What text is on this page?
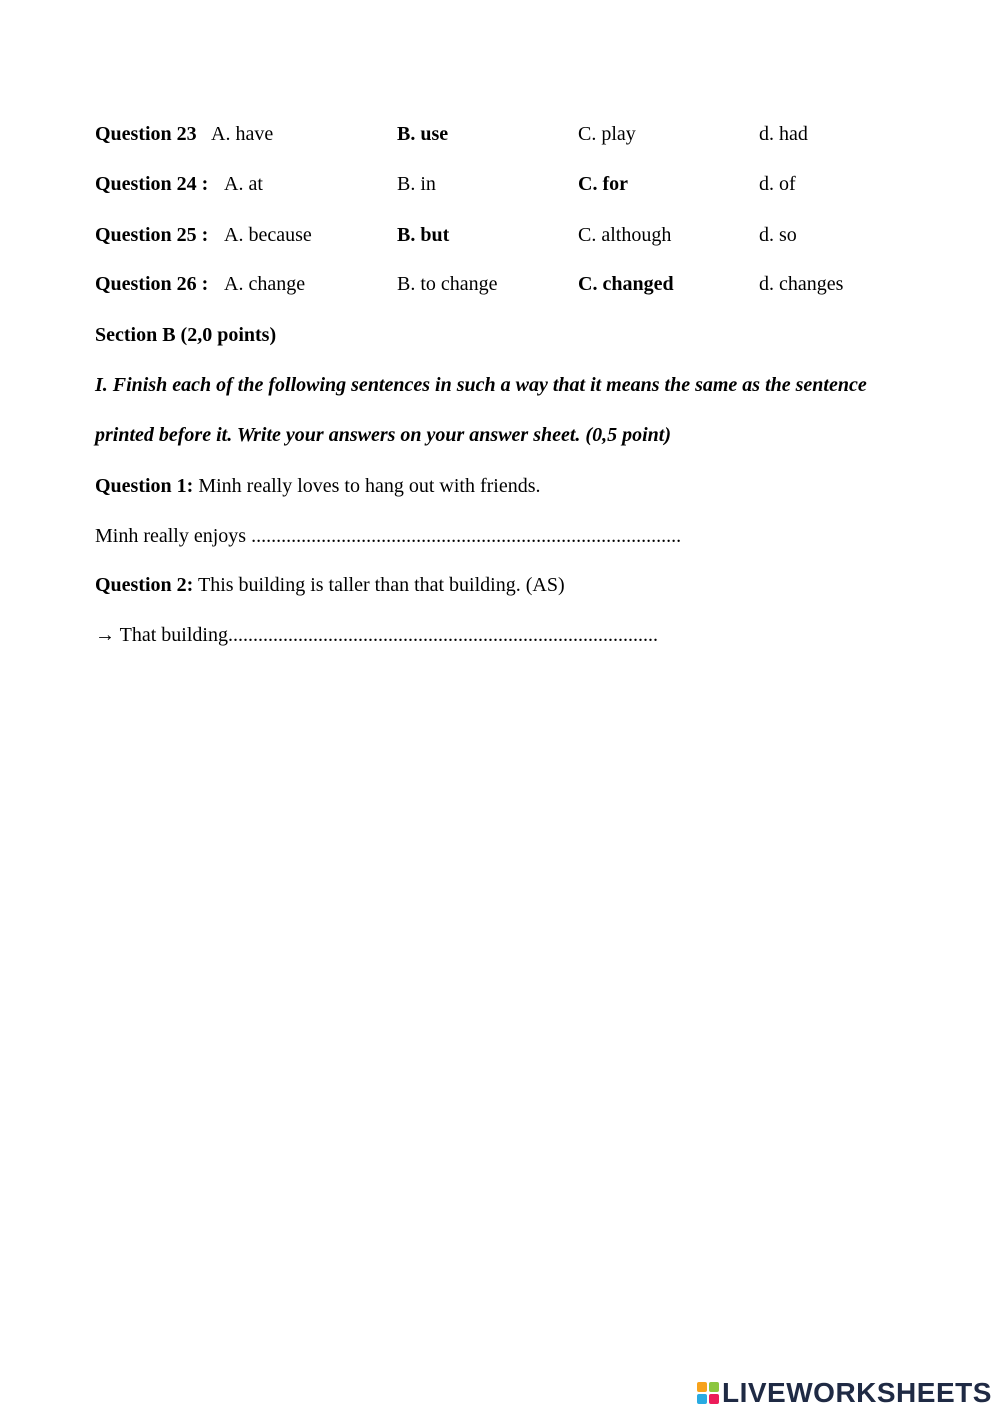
Question 23 A. have	B. use	C. play	d. had
Question 24 : A. at	B. in	C. for	d. of
Question 25 : A. because	B. but	C. although	d. so
Question 26 : A. change	B. to change	C. changed	d. changes
Section B (2,0 points)
I. Finish each of the following sentences in such a way that it means the same as the sentence
printed before it. Write your answers on your answer sheet. (0,5 point)
Question 1: Minh really loves to hang out with friends.
Minh really enjoys ......................................................................................
Question 2: This building is taller than that building. (AS)
→ That building......................................................................................
LIVEWORKSHEETS
